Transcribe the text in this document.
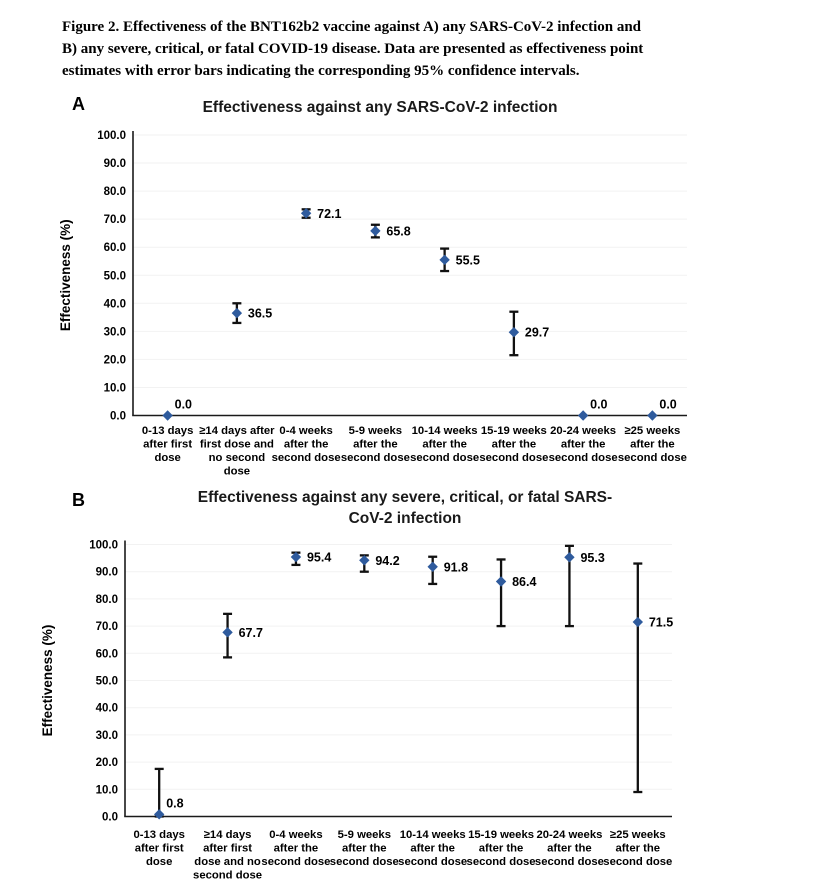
Figure 2. Effectiveness of the BNT162b2 vaccine against A) any SARS-CoV-2 infection and
B) any severe, critical, or fatal COVID-19 disease. Data are presented as effectiveness point
estimates with error bars indicating the corresponding 95% confidence intervals.
A	Effectiveness against any SARS-CoV-2 infection
B	Effectiveness against any severe, critical, or fatal SARS-
CoV-2 infection
0.0
10.0
20.0
30.0
40.0
50.0
60.0
70.0
80.0
90.0
100.0
Effectiveness (%)
0-13 days after first dose
0.0
≥14 days after first dose and no second dose
36.5
0-4 weeks after the second dose
72.1
5-9 weeks after the second dose
65.8
10-14 weeks after the second dose
55.5
15-19 weeks after the second dose
29.7
20-24 weeks after the second dose
0.0
≥25 weeks after the second dose
0.0
0.0
10.0
20.0
30.0
40.0
50.0
60.0
70.0
80.0
90.0
100.0
Effectiveness (%)
0-13 days after first dose
0.8
≥14 days after first dose and no second dose
67.7
0-4 weeks after the second dose
95.4
5-9 weeks after the second dose
94.2
10-14 weeks after the second dose
91.8
15-19 weeks after the second dose
86.4
20-24 weeks after the second dose
95.3
≥25 weeks after the second dose
71.5
